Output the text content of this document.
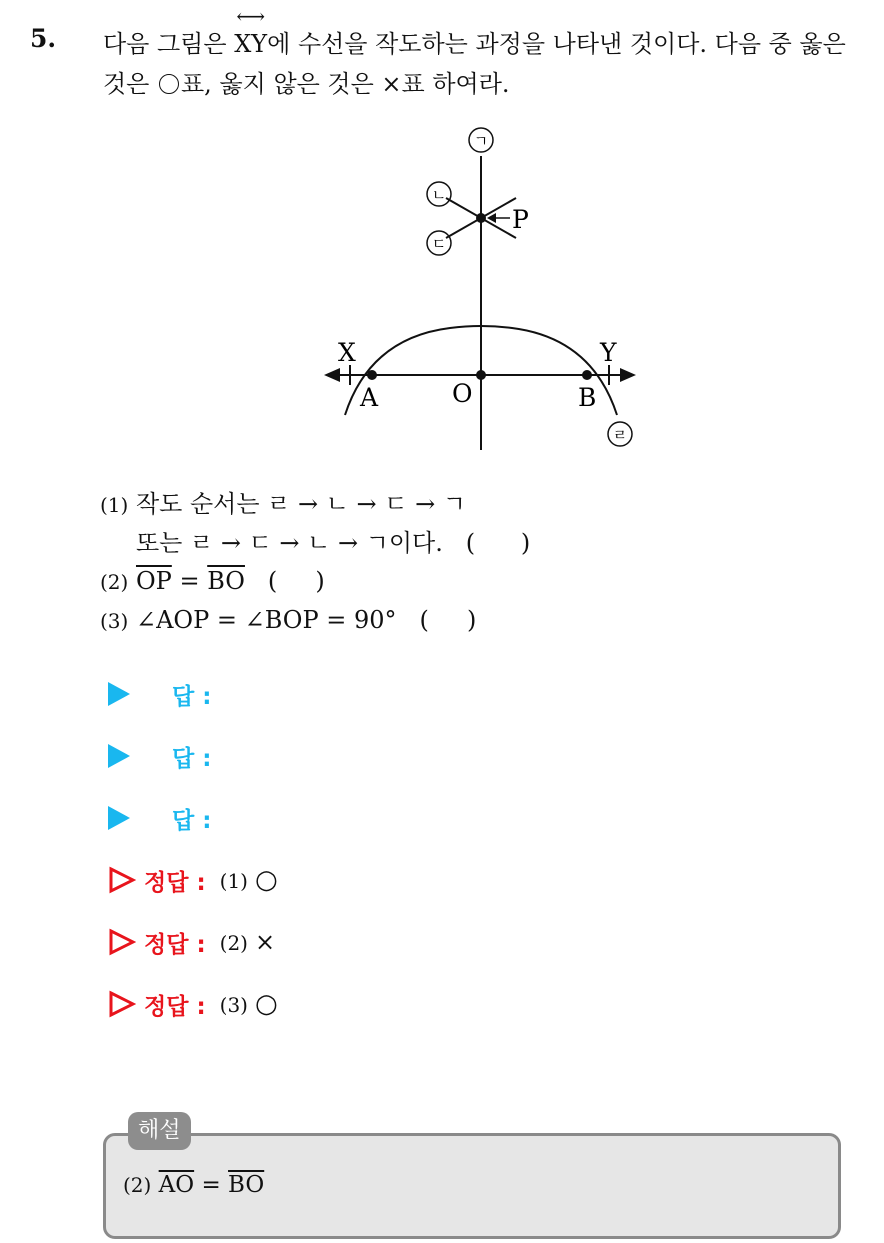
5. 다음 그림은
⟷
XY에 수선을 작도하는 과정을 나타낸 것이다. 다음 중 옳은 것은 ○ 표, 옳지 않은 것은 ×표 하여라.
ㄱ
ㄴ
ㄷ
ㄹ
P
X	Y
A	O	B
(1) 작도 순서는 ㄹ → ㄴ → ㄷ → ㄱ
또는 ㄹ → ㄷ → ㄴ → ㄱ이다. (      )
(2) $\overline{OP} = \overline{BO}$ (     )
(3) ∠AOP = ∠BOP = 90° (     )
답 :
답 :
답 :
정답 : (1) ○
정답 : (2) ×
정답 : (3) ○
해설
(2) $\overline{AO} = \overline{BO}$
